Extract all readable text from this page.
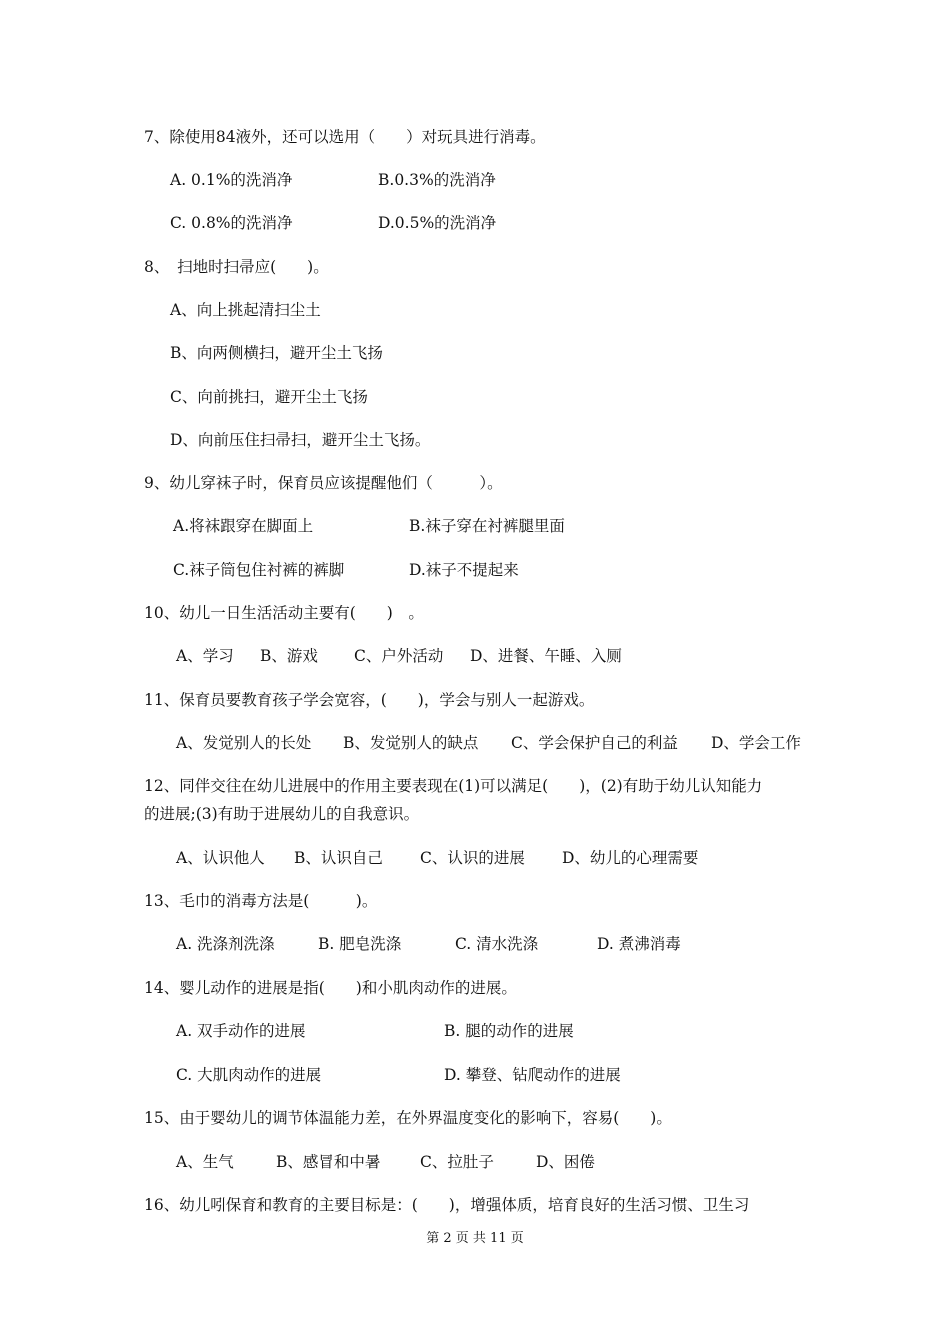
7、除使用84液外，还可以选用（　　）对玩具进行消毒。
A. 0.1%的洗消净	B.0.3%的洗消净
C. 0.8%的洗消净	D.0.5%的洗消净
8、　扫地时扫帚应(　　)。
A、向上挑起清扫尘土
B、向两侧横扫，避开尘土飞扬
C、向前挑扫，避开尘土飞扬
D、向前压住扫帚扫，避开尘土飞扬。
9、幼儿穿袜子时，保育员应该提醒他们（　　　）。
A.将袜跟穿在脚面上	B.袜子穿在衬裤腿里面
C.袜子筒包住衬裤的裤脚	D.袜子不提起来
10、幼儿一日生活活动主要有(　　)　。
A、学习 B、游戏 C、户外活动 D、进餐、午睡、入厕
11、保育员要教育孩子学会宽容，(　　)，学会与别人一起游戏。
A、发觉别人的长处 B、发觉别人的缺点 C、学会保护自己的利益 D、学会工作
12、同伴交往在幼儿进展中的作用主要表现在(1)可以满足(　　)，(2)有助于幼儿认知能力
的进展;(3)有助于进展幼儿的自我意识。
A、认识他人 B、认识自己 C、认识的进展 D、幼儿的心理需要
13、毛巾的消毒方法是(　　　)。
A. 洗涤剂洗涤	B. 肥皂洗涤	C. 清水洗涤	D. 煮沸消毒
14、婴儿动作的进展是指(　　)和小肌肉动作的进展。
A. 双手动作的进展	B. 腿的动作的进展
C. 大肌肉动作的进展	D. 攀登、钻爬动作的进展
15、由于婴幼儿的调节体温能力差，在外界温度变化的影响下，容易(　　)。
A、生气	B、感冒和中暑	C、拉肚子	D、困倦
16、幼儿吲保育和教育的主要目标是：(　　)，增强体质，培育良好的生活习惯、卫生习
第 2 页 共 11 页
